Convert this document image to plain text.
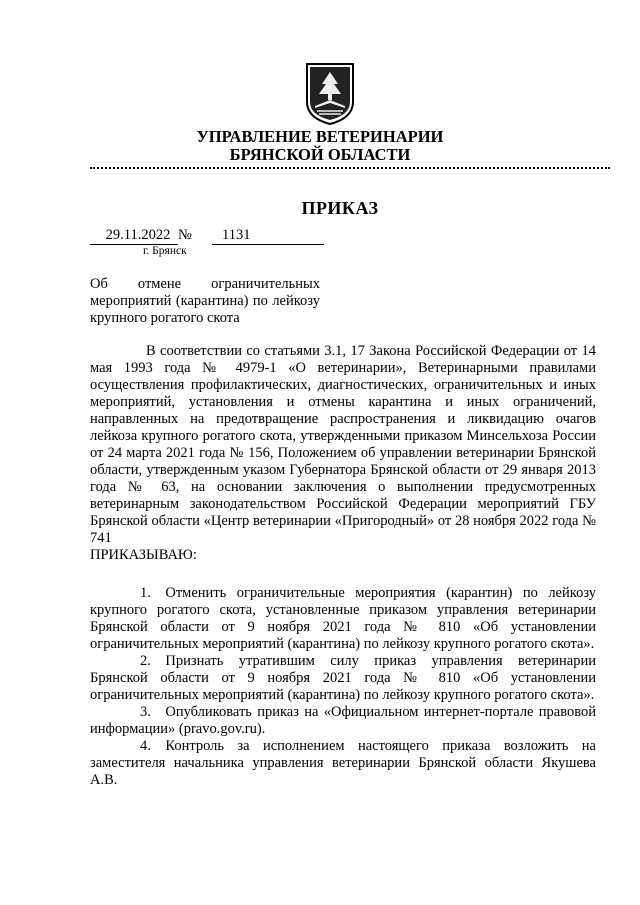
УПРАВЛЕНИЕ ВЕТЕРИНАРИИ
БРЯНСКОЙ ОБЛАСТИ
ПРИКАЗ
29.11.2022 №	1131
г. Брянск
Об отмене ограничительных мероприятий (карантина) по лейкозу крупного рогатого скота

В соответствии со статьями 3.1, 17 Закона Российской Федерации от 14 мая 1993 года № 4979-1 «О ветеринарии», Ветеринарными правилами осуществления профилактических, диагностических, ограничительных и иных мероприятий, установления и отмены карантина и иных ограничений, направленных на предотвращение распространения и ликвидацию очагов лейкоза крупного рогатого скота, утвержденными приказом Минсельхоза России от 24 марта 2021 года № 156, Положением об управлении ветеринарии Брянской области, утвержденным указом Губернатора Брянской области от 29 января 2013 года № 63, на основании заключения о выполнении предусмотренных ветеринарным законодательством Российской Федерации мероприятий ГБУ Брянской области «Центр ветеринарии «Пригородный» от 28 ноября 2022 года № 741

ПРИКАЗЫВАЮ:

1. Отменить ограничительные мероприятия (карантин) по лейкозу крупного рогатого скота, установленные приказом управления ветеринарии Брянской области от 9 ноября 2021 года № 810 «Об установлении ограничительных мероприятий (карантина) по лейкозу крупного рогатого скота».

2. Признать утратившим силу приказ управления ветеринарии Брянской области от 9 ноября 2021 года № 810 «Об установлении ограничительных мероприятий (карантина) по лейкозу крупного рогатого скота».

3. Опубликовать приказ на «Официальном интернет-портале правовой информации» (pravo.gov.ru).

4. Контроль за исполнением настоящего приказа возложить на заместителя начальника управления ветеринарии Брянской области Якушева А.В.
